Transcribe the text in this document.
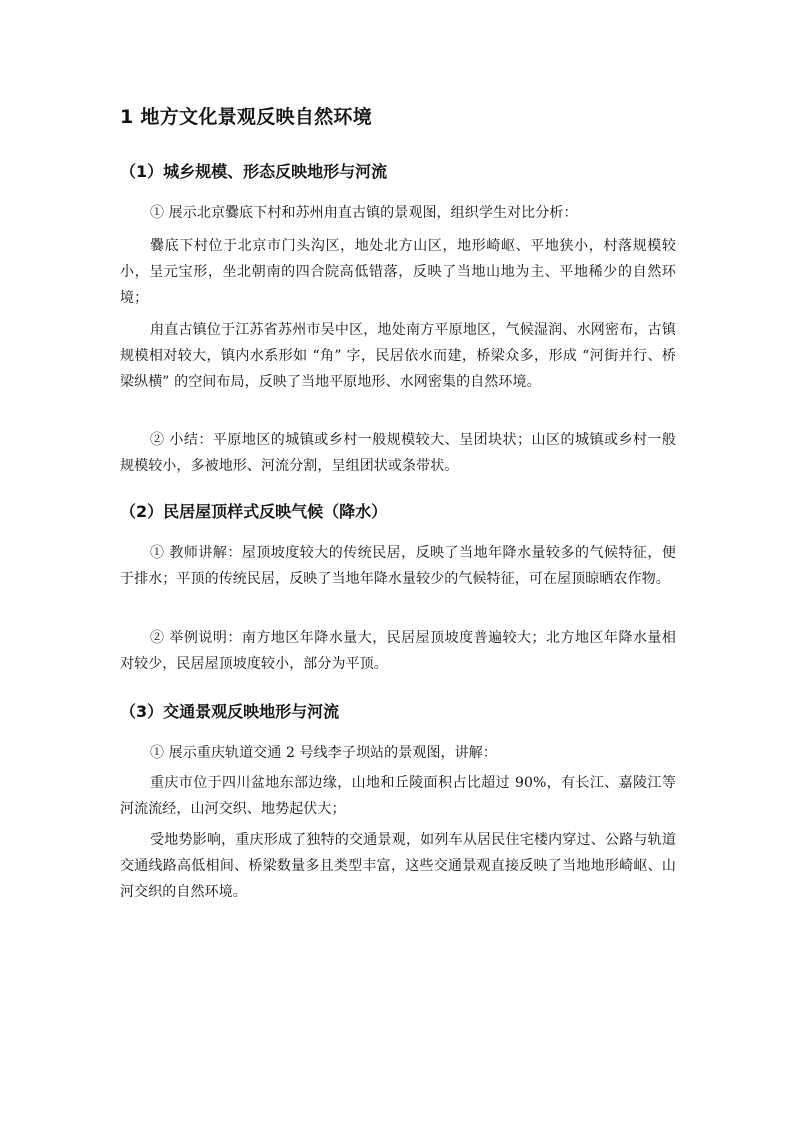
1 地方文化景观反映自然环境
（1）城乡规模、形态反映地形与河流

① 展示北京爨底下村和苏州甪直古镇的景观图，组织学生对比分析：

爨底下村位于北京市门头沟区，地处北方山区，地形崎岖、平地狭小，村落规模较小，呈元宝形，坐北朝南的四合院高低错落，反映了当地山地为主、平地稀少的自然环境；

甪直古镇位于江苏省苏州市吴中区，地处南方平原地区，气候湿润、水网密布，古镇规模相对较大，镇内水系形如 “角” 字，民居依水而建，桥梁众多，形成 “河街并行、桥梁纵横” 的空间布局，反映了当地平原地形、水网密集的自然环境。

② 小结：平原地区的城镇或乡村一般规模较大、呈团块状；山区的城镇或乡村一般规模较小，多被地形、河流分割，呈组团状或条带状。

（2）民居屋顶样式反映气候（降水）

① 教师讲解：屋顶坡度较大的传统民居，反映了当地年降水量较多的气候特征，便于排水；平顶的传统民居，反映了当地年降水量较少的气候特征，可在屋顶晾晒农作物。

② 举例说明：南方地区年降水量大，民居屋顶坡度普遍较大；北方地区年降水量相对较少，民居屋顶坡度较小，部分为平顶。

（3）交通景观反映地形与河流

① 展示重庆轨道交通 2 号线李子坝站的景观图，讲解：

重庆市位于四川盆地东部边缘，山地和丘陵面积占比超过 90%，有长江、嘉陵江等河流流经，山河交织、地势起伏大；

受地势影响，重庆形成了独特的交通景观，如列车从居民住宅楼内穿过、公路与轨道交通线路高低相间、桥梁数量多且类型丰富，这些交通景观直接反映了当地地形崎岖、山河交织的自然环境。
